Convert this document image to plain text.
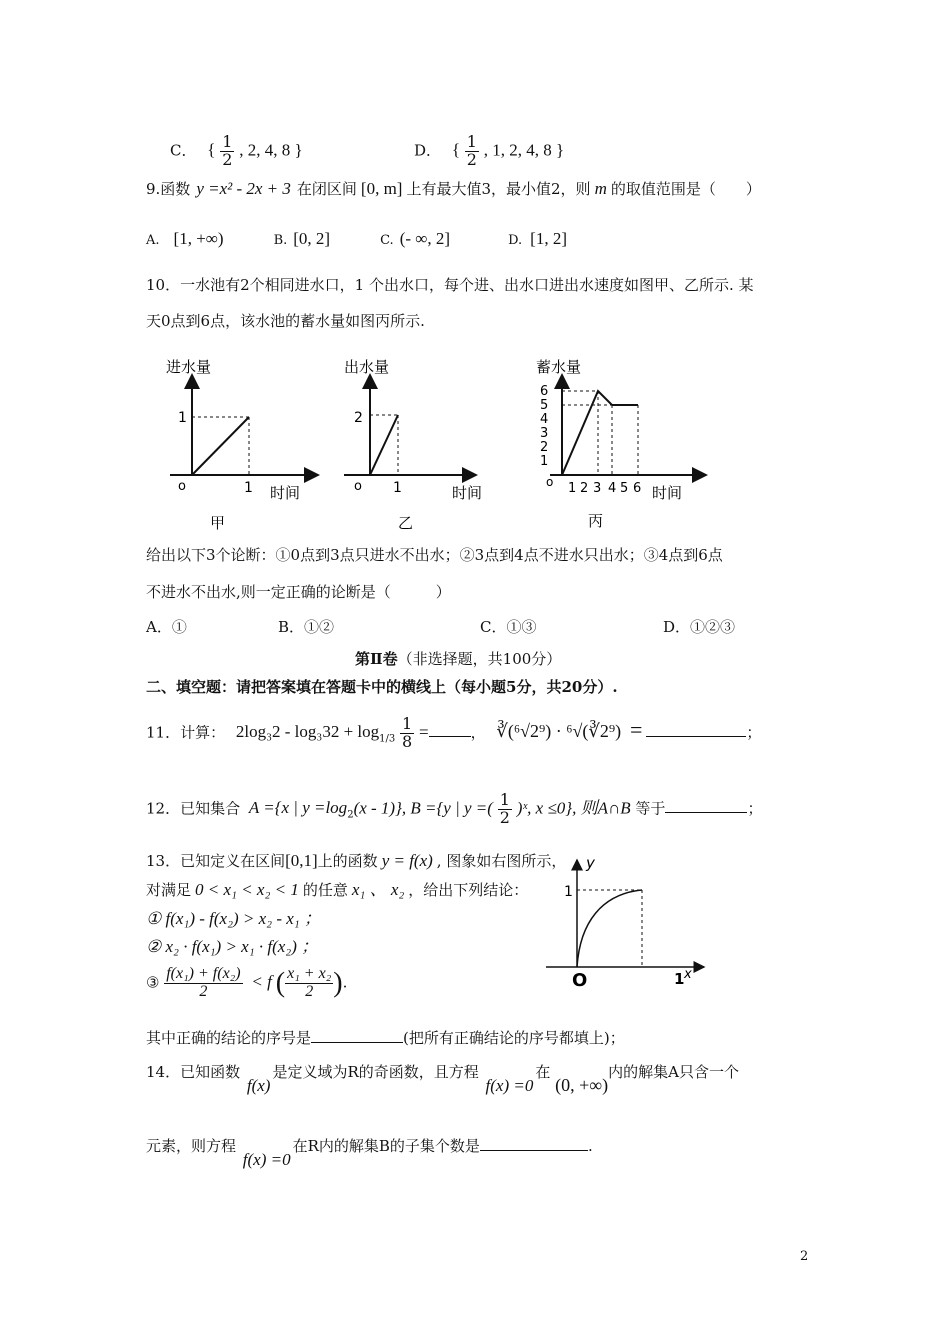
C． { $\frac{1}{2}$ , 2, 4, 8 }	D． { $\frac{1}{2}$ , 1, 2, 4, 8 }
9.函数 y =x² - 2x + 3 在闭区间 [0, m] 上有最大值3，最小值2，则 m 的取值范围是（　　）
A. [1, +∞)	B. [0, 2]	C. (- ∞, 2]	D. [1, 2]
10．一水池有2个相同进水口，1 个出水口，每个进、出水口进出水速度如图甲、乙所示. 某
天0点到6点，该水池的蓄水量如图丙所示.
进水量
1
o	1 时间
甲
出水量
2
o 1	时间
乙
蓄水量
6
5
4
3
2
1
o 1 2 3 4 5 6 时间
丙
给出以下3个论断：①0点到3点只进水不出水；②3点到4点不进水只出水；③4点到6点
不进水不出水,则一定正确的论断是（　　　）
A．①	B．①②	C．①③	D．①②③
第Ⅱ卷（非选择题，共100分）
二、填空题：请把答案填在答题卡中的横线上（每小题5分，共20分）.
11．计算： $2\log_32 - \log_332 + \log_{1/3} \frac{1}{8}$ =	， ∛(⁶√2⁹) · ⁶√(∛2⁹) =	；
12．已知集合 A ={x | $y =\log_2(x - 1)$}, B ={y | y =( $\frac{1}{2}$ )ˣ, x ≤0}, 则A∩B 等于	；
13．已知定义在区间[0,1]上的函数 y = f(x) , 图象如右图所示，
对满足 0 < x₁ < x₂ < 1 的任意 x₁ 、 x₂ ，给出下列结论：
① f(x₁) - f(x₂) > x₂ - x₁ ；
② x₂ · f(x₁) > x₁ · f(x₂) ；
③ $\frac{\text{f(x₁) + f(x₂)}}{2} < f$ ( $\frac{\text{x₁ + x₂}}{2}$ ).
其中正确的结论的序号是	(把所有正确结论的序号都填上)；
y
1
O	1 x
14．已知函数 f(x)是定义域为R的奇函数，且方程 f(x) =0在 (0, +∞)内的解集A只含一个
元素，则方程 f(x) =0在R内的解集B的子集个数是	.
2
